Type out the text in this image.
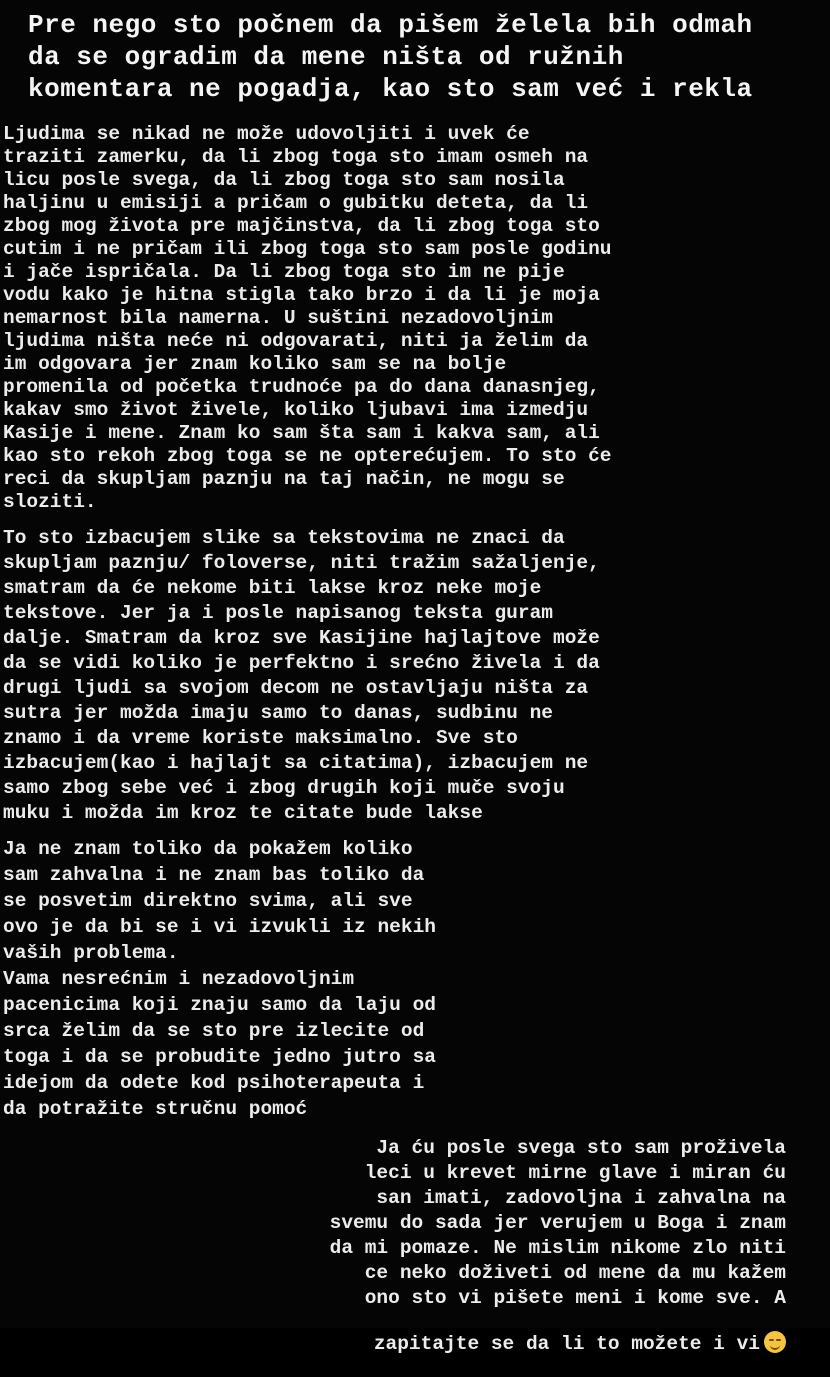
Pre nego sto počnem da pišem želela bih odmah
da se ogradim da mene ništa od ružnih
komentara ne pogadja, kao sto sam već i rekla
Ljudima se nikad ne može udovoljiti i uvek će
traziti zamerku, da li zbog toga sto imam osmeh na
licu posle svega, da li zbog toga sto sam nosila
haljinu u emisiji a pričam o gubitku deteta, da li
zbog mog života pre majčinstva, da li zbog toga sto
cutim i ne pričam ili zbog toga sto sam posle godinu
i jače ispričala. Da li zbog toga sto im ne pije
vodu kako je hitna stigla tako brzo i da li je moja
nemarnost bila namerna. U suštini nezadovoljnim
ljudima ništa neće ni odgovarati, niti ja želim da
im odgovara jer znam koliko sam se na bolje
promenila od početka trudnoće pa do dana danasnjeg,
kakav smo život živele, koliko ljubavi ima izmedju
Kasije i mene. Znam ko sam šta sam i kakva sam, ali
kao sto rekoh zbog toga se ne opterećujem. To sto će
reci da skupljam paznju na taj način, ne mogu se
sloziti.
To sto izbacujem slike sa tekstovima ne znaci da
skupljam paznju/ foloverse, niti tražim sažaljenje,
smatram da će nekome biti lakse kroz neke moje
tekstove. Jer ja i posle napisanog teksta guram
dalje. Smatram da kroz sve Kasijine hajlajtove može
da se vidi koliko je perfektno i srećno živela i da
drugi ljudi sa svojom decom ne ostavljaju ništa za
sutra jer možda imaju samo to danas, sudbinu ne
znamo i da vreme koriste maksimalno. Sve sto
izbacujem(kao i hajlajt sa citatima), izbacujem ne
samo zbog sebe već i zbog drugih koji muče svoju
muku i možda im kroz te citate bude lakse
Ja ne znam toliko da pokažem koliko
sam zahvalna i ne znam bas toliko da
se posvetim direktno svima, ali sve
ovo je da bi se i vi izvukli iz nekih
vaših problema.
Vama nesrećnim i nezadovoljnim
pacenicima koji znaju samo da laju od
srca želim da se sto pre izlecite od
toga i da se probudite jedno jutro sa
idejom da odete kod psihoterapeuta i
da potražite stručnu pomoć
Ja ću posle svega sto sam proživela
leci u krevet mirne glave i miran ću
san imati, zadovoljna i zahvalna na
svemu do sada jer verujem u Boga i znam
da mi pomaze. Ne mislim nikome zlo niti
ce neko doživeti od mene da mu kažem
ono sto vi pišete meni i kome sve. A

zapitajte se da li to možete i vi
